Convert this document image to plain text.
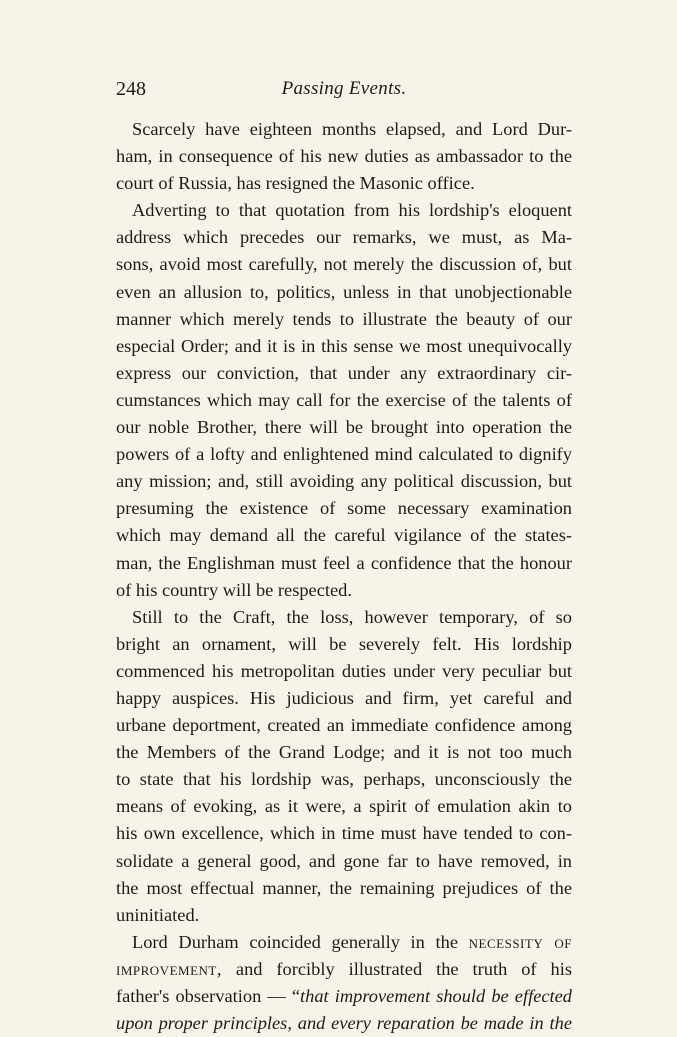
248	Passing Events.
Scarcely have eighteen months elapsed, and Lord Dur-
ham, in consequence of his new duties as ambassador to the
court of Russia, has resigned the Masonic office.
Adverting to that quotation from his lordship's eloquent
address which precedes our remarks, we must, as Ma-
sons, avoid most carefully, not merely the discussion of, but
even an allusion to, politics, unless in that unobjectionable
manner which merely tends to illustrate the beauty of our
especial Order; and it is in this sense we most unequivocally
express our conviction, that under any extraordinary cir-
cumstances which may call for the exercise of the talents of
our noble Brother, there will be brought into operation the
powers of a lofty and enlightened mind calculated to dignify
any mission; and, still avoiding any political discussion, but
presuming the existence of some necessary examination
which may demand all the careful vigilance of the states-
man, the Englishman must feel a confidence that the honour
of his country will be respected.
Still to the Craft, the loss, however temporary, of so
bright an ornament, will be severely felt. His lordship
commenced his metropolitan duties under very peculiar but
happy auspices. His judicious and firm, yet careful and
urbane deportment, created an immediate confidence among
the Members of the Grand Lodge; and it is not too much
to state that his lordship was, perhaps, unconsciously the
means of evoking, as it were, a spirit of emulation akin to
his own excellence, which in time must have tended to con-
solidate a general good, and gone far to have removed, in
the most effectual manner, the remaining prejudices of the
uninitiated.
Lord Durham coincided generally in the necessity of
improvement, and forcibly illustrated the truth of his
father's observation — “that improvement should be effected
upon proper principles, and every reparation be made in the
